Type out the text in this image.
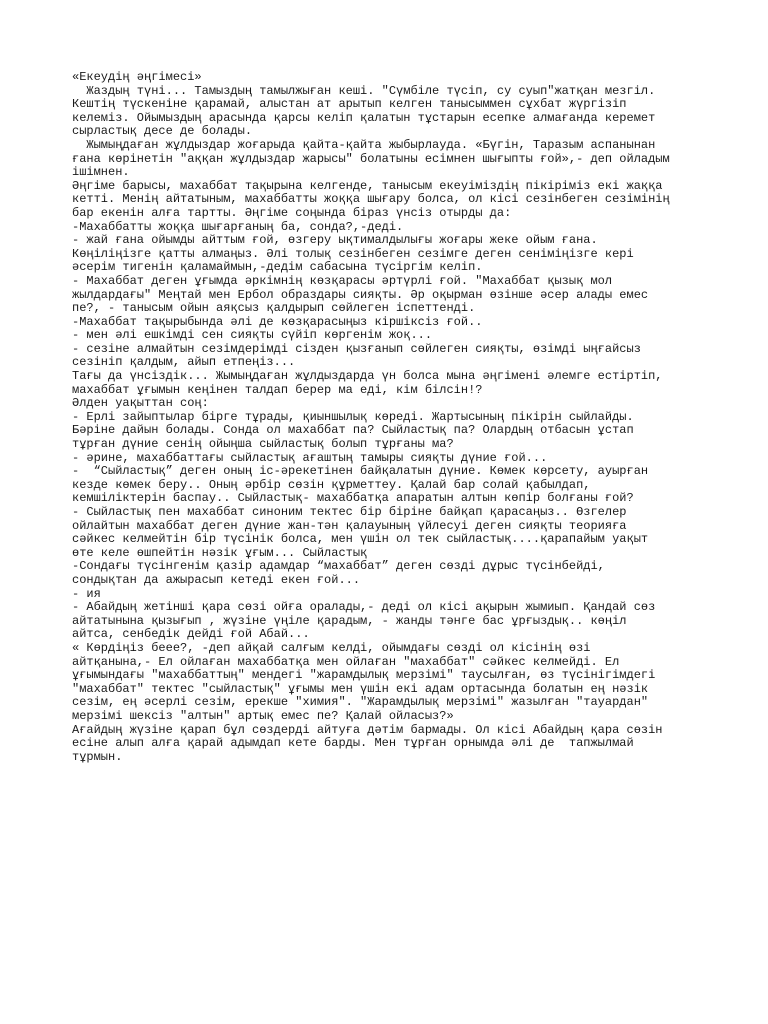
«Екеудің әңгімесі»
Жаздың түні... Тамыздың тамылжыған кеші. "Сүмбіле түсіп, су суып"жатқан мезгіл.
Кештің түскеніне қарамай, алыстан ат арытып келген танысыммен сұхбат жүргізіп
келеміз. Ойымыздың арасында қарсы келіп қалатын тұстарын есепке алмағанда керемет
сырластық десе де болады.
Жымыңдаған жұлдыздар жоғарыда қайта-қайта жыбырлауда. «Бүгін, Таразым аспанынан
ғана көрінетін "аққан жұлдыздар жарысы" болатыны есімнен шығыпты ғой»,- деп ойладым
ішімнен.
Әңгіме барысы, махаббат тақырына келгенде, танысым екеуіміздің пікіріміз екі жаққа
кетті. Менің айтатыным, махаббатты жоққа шығару болса, ол кісі сезінбеген сезімінің
бар екенін алға тартты. Әңгіме соңында біраз үнсіз отырды да:
-Махаббатты жоққа шығарғаның ба, сонда?,-деді.
- жай ғана ойымды айттым ғой, өзгеру ықтималдылығы жоғары жеке ойым ғана.
Көңіліңізге қатты алмаңыз. Әлі толық сезінбеген сезімге деген сеніміңізге кері
әсерім тигенін қаламаймын,-дедім сабасына түсіргім келіп.
- Махаббат деген ұғымда әркімнің көзқарасы әртүрлі ғой. "Махаббат қызық мол
жылдардағы" Меңтай мен Ербол образдары сияқты. Әр оқырман өзінше әсер алады емес
пе?, - танысым ойын аяқсыз қалдырып сөйлеген іспеттенді.
-Махаббат тақырыбында әлі де көзқарасыңыз кіршіксіз ғой..
- мен әлі ешкімді сен сияқты сүйіп көргенім жоқ...
- сезіне алмайтын сезімдерімді сізден қызғанып сөйлеген сияқты, өзімді ыңғайсыз
сезініп қалдым, айып етпеңіз...
Тағы да үнсіздік... Жымыңдаған жұлдыздарда үн болса мына әңгімені әлемге естіртіп,
махаббат ұғымын кеңінен талдап берер ма еді, кім білсін!?
Әлден уақыттан соң:
- Ерлі зайыптылар бірге тұрады, қиыншылық көреді. Жартысының пікірін сыйлайды.
Бәріне дайын болады. Сонда ол махаббат па? Сыйластық па? Олардың отбасын ұстап
тұрған дүние сенің ойыңша сыйластық болып тұрғаны ма?
- әрине, махаббаттағы сыйластық ағаштың тамыры сияқты дүние ғой...
-  “Сыйластық” деген оның іс-әрекетінен байқалатын дүние. Көмек көрсету, ауырған
кезде көмек беру.. Оның әрбір сөзін құрметтеу. Қалай бар солай қабылдап,
кемшіліктерін баспау.. Сыйластық- махаббатқа апаратын алтын көпір болғаны ғой?
- Сыйластық пен махаббат синоним тектес бір біріне байқап қарасаңыз.. Өзгелер
ойлайтын махаббат деген дүние жан-тән қалауының үйлесуі деген сияқты теорияға
сәйкес келмейтін бір түсінік болса, мен үшін ол тек сыйластық....қарапайым уақыт
өте келе өшпейтін нәзік ұғым... Сыйластық
-Сондағы түсінгенім қазір адамдар “махаббат” деген сөзді дұрыс түсінбейді,
сондықтан да ажырасып кетеді екен ғой...
- ия
- Абайдың жетінші қара сөзі ойға оралады,- деді ол кісі ақырын жымиып. Қандай сөз
айтатынына қызығып , жүзіне үңіле қарадым, - жанды тәнге бас ұрғыздық.. көңіл
айтса, сенбедік дейді ғой Абай...
« Көрдіңіз беее?, -деп айқай салғым келді, ойымдағы сөзді ол кісінің өзі
айтқанына,- Ел ойлаған махаббатқа мен ойлаған "махаббат" сәйкес келмейді. Ел
ұғымындағы "махаббаттың" мендегі "жарамдылық мерзімі" таусылған, өз түсінігімдегі
"махаббат" тектес "сыйластық" ұғымы мен үшін екі адам ортасында болатын ең нәзік
сезім, ең әсерлі сезім, ерекше "химия". "Жарамдылық мерзімі" жазылған "тауардан"
мерзімі шексіз "алтын" артық емес пе? Қалай ойласыз?»
Ағайдың жүзіне қарап бұл сөздерді айтуға дәтім бармады. Ол кісі Абайдың қара сөзін
есіне алып алға қарай адымдап кете барды. Мен тұрған орнымда әлі де  тапжылмай
тұрмын.
